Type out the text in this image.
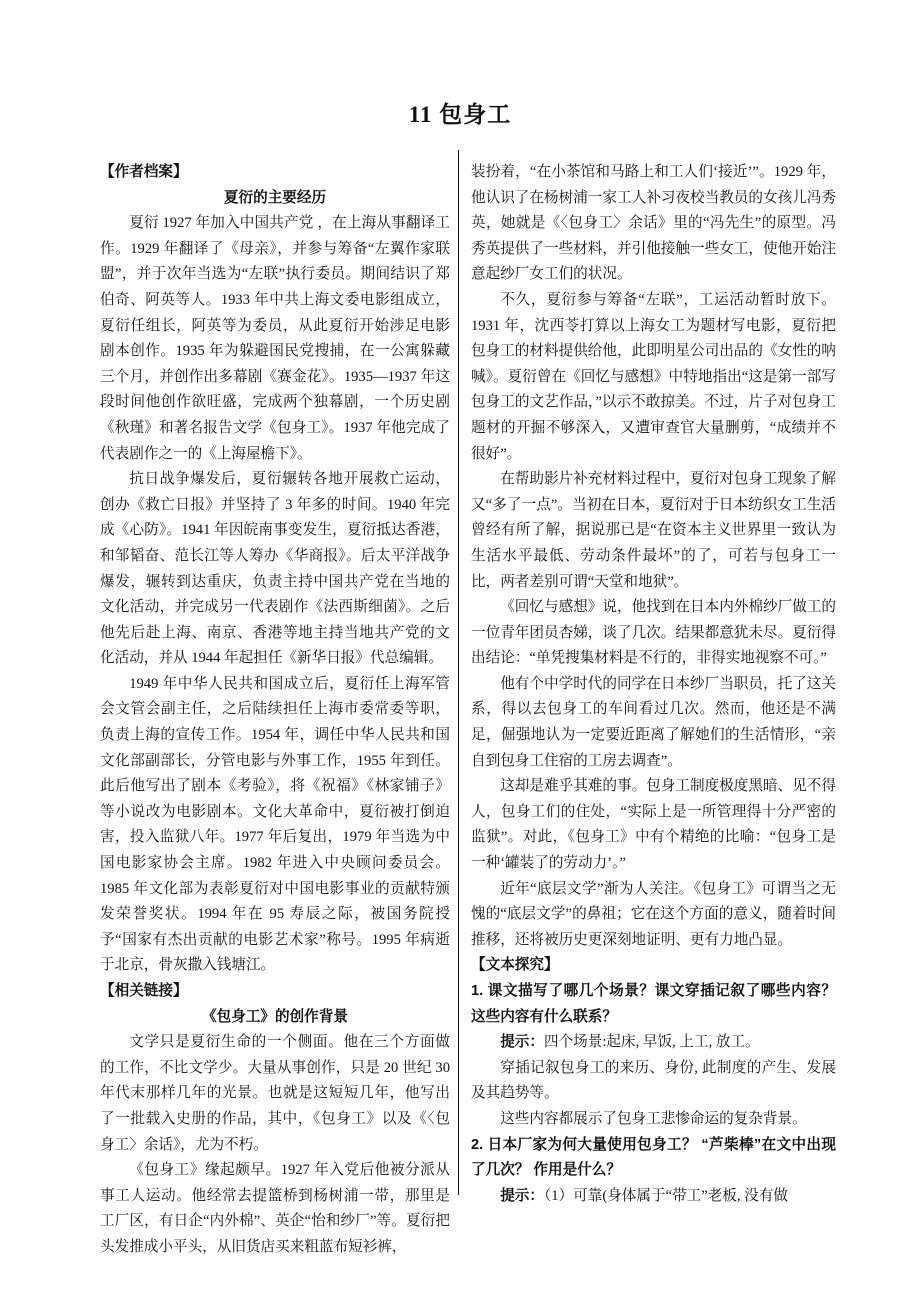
11 包身工

【作者档案】

夏衍的主要经历

夏衍 1927 年加入中国共产党 ，在上海从事翻译工作。1929 年翻译了《母亲》，并参与筹备“左翼作家联盟”，并于次年当选为“左联”执行委员。期间结识了郑伯奇、阿英等人。1933 年中共上海文委电影组成立，夏衍任组长，阿英等为委员，从此夏衍开始涉足电影剧本创作。1935 年为躲避国民党搜捕，在一公寓躲藏三个月，并创作出多幕剧《赛金花》。1935—1937 年这段时间他创作欲旺盛，完成两个独幕剧，一个历史剧《秋瑾》和著名报告文学《包身工》。1937 年他完成了代表剧作之一的《上海屋檐下》。

抗日战争爆发后，夏衍辗转各地开展救亡运动，创办《救亡日报》并坚持了 3 年多的时间。1940 年完成《心防》。1941 年因皖南事变发生，夏衍抵达香港，和邹韬奋、范长江等人筹办《华商报》。后太平洋战争爆发，辗转到达重庆，负责主持中国共产党在当地的文化活动，并完成另一代表剧作《法西斯细菌》。之后他先后赴上海、南京、香港等地主持当地共产党的文化活动，并从 1944 年起担任《新华日报》代总编辑。

1949 年中华人民共和国成立后，夏衍任上海军管会文管会副主任，之后陆续担任上海市委常委等职，负责上海的宣传工作。1954 年，调任中华人民共和国文化部副部长，分管电影与外事工作，1955 年到任。此后他写出了剧本《考验》，将《祝福》《林家铺子》等小说改为电影剧本。文化大革命中，夏衍被打倒迫害，投入监狱八年。1977 年后复出，1979 年当选为中国电影家协会主席。1982 年进入中央顾问委员会。1985 年文化部为表彰夏衍对中国电影事业的贡献特颁发荣誉奖状。1994 年在 95 寿辰之际，被国务院授予“国家有杰出贡献的电影艺术家”称号。1995 年病逝于北京，骨灰撒入钱塘江。

【相关链接】

《包身工》的创作背景

文学只是夏衍生命的一个侧面。他在三个方面做的工作，不比文学少。大量从事创作，只是 20 世纪 30 年代末那样几年的光景。也就是这短短几年，他写出了一批载入史册的作品，其中，《包身工》以及《〈包身工〉余话》，尤为不朽。

《包身工》缘起颇早。1927 年入党后他被分派从事工人运动。他经常去提篮桥到杨树浦一带，那里是工厂区，有日企“内外棉”、英企“怡和纱厂”等。夏衍把头发推成小平头，从旧货店买来粗蓝布短衫裤，

装扮着，“在小茶馆和马路上和工人们‘接近’”。1929 年，他认识了在杨树浦一家工人补习夜校当教员的女孩儿冯秀英，她就是《〈包身工〉余话》里的“冯先生”的原型。冯秀英提供了一些材料，并引他接触一些女工，使他开始注意起纱厂女工们的状况。

不久，夏衍参与筹备“左联”，工运活动暂时放下。1931 年，沈西苓打算以上海女工为题材写电影，夏衍把包身工的材料提供给他，此即明星公司出品的《女性的呐喊》。夏衍曾在《回忆与感想》中特地指出“这是第一部写包身工的文艺作品，”以示不敢掠美。不过，片子对包身工题材的开掘不够深入，又遭审查官大量删剪，“成绩并不很好”。

在帮助影片补充材料过程中，夏衍对包身工现象了解又“多了一点”。当初在日本，夏衍对于日本纺织女工生活曾经有所了解，据说那已是“在资本主义世界里一致认为生活水平最低、劳动条件最坏”的了，可若与包身工一比，两者差别可谓“天堂和地狱”。

《回忆与感想》说，他找到在日本内外棉纱厂做工的一位青年团员杏娣，谈了几次。结果都意犹未尽。夏衍得出结论：“单凭搜集材料是不行的，非得实地视察不可。”

他有个中学时代的同学在日本纱厂当职员，托了这关系，得以去包身工的车间看过几次。然而，他还是不满足，倔强地认为一定要近距离了解她们的生活情形，“亲自到包身工住宿的工房去调查”。

这却是难乎其难的事。包身工制度极度黑暗、见不得人，包身工们的住处，“实际上是一所管理得十分严密的监狱”。对此，《包身工》中有个精绝的比喻：“包身工是一种‘罐装了的劳动力’。”

近年“底层文学”渐为人关注。《包身工》可谓当之无愧的“底层文学”的鼻祖；它在这个方面的意义，随着时间推移，还将被历史更深刻地证明、更有力地凸显。

【文本探究】

1. 课文描写了哪几个场景？课文穿插记叙了哪些内容？ 这些内容有什么联系？

提示：四个场景:起床, 早饭, 上工, 放工。

穿插记叙包身工的来历、身份, 此制度的产生、发展及其趋势等。

这些内容都展示了包身工悲惨命运的复杂背景。

2. 日本厂家为何大量使用包身工？ “芦柴棒”在文中出现了几次？ 作用是什么？

提示：（1）可靠(身体属于“带工”老板, 没有做
